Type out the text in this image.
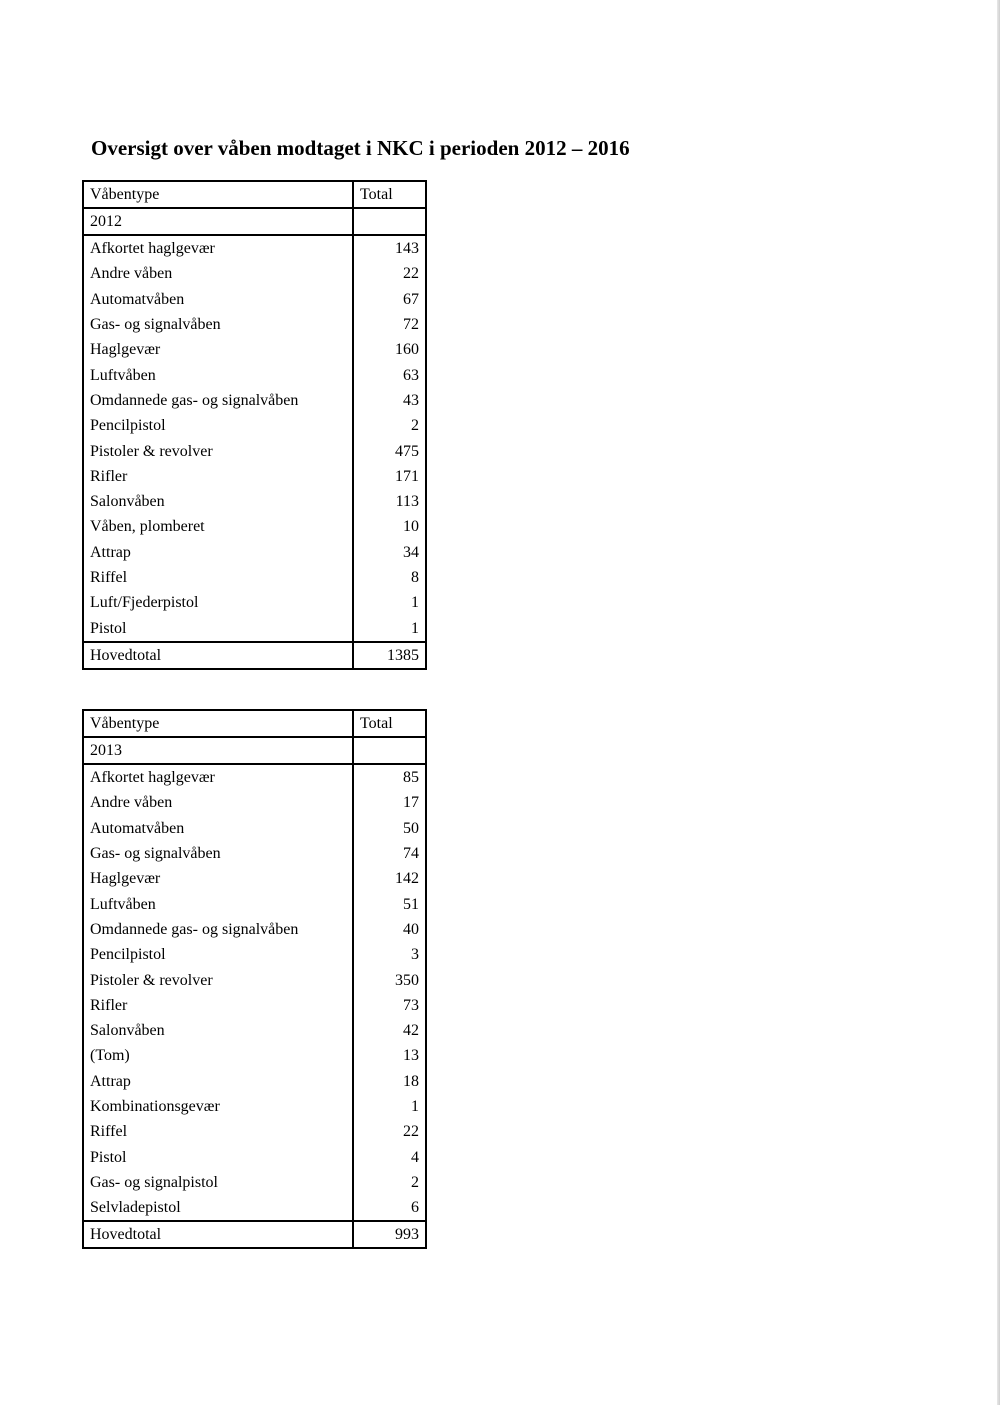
Oversigt over våben modtaget i NKC i perioden 2012 – 2016
Våbentype	Total
2012	
Afkortet haglgevær	143
Andre våben	22
Automatvåben	67
Gas- og signalvåben	72
Haglgevær	160
Luftvåben	63
Omdannede gas- og signalvåben	43
Pencilpistol	2
Pistoler & revolver	475
Rifler	171
Salonvåben	113
Våben, plomberet	10
Attrap	34
Riffel	8
Luft/Fjederpistol	1
Pistol	1
Hovedtotal	1385
Våbentype	Total
2013	
Afkortet haglgevær	85
Andre våben	17
Automatvåben	50
Gas- og signalvåben	74
Haglgevær	142
Luftvåben	51
Omdannede gas- og signalvåben	40
Pencilpistol	3
Pistoler & revolver	350
Rifler	73
Salonvåben	42
(Tom)	13
Attrap	18
Kombinationsgevær	1
Riffel	22
Pistol	4
Gas- og signalpistol	2
Selvladepistol	6
Hovedtotal	993
